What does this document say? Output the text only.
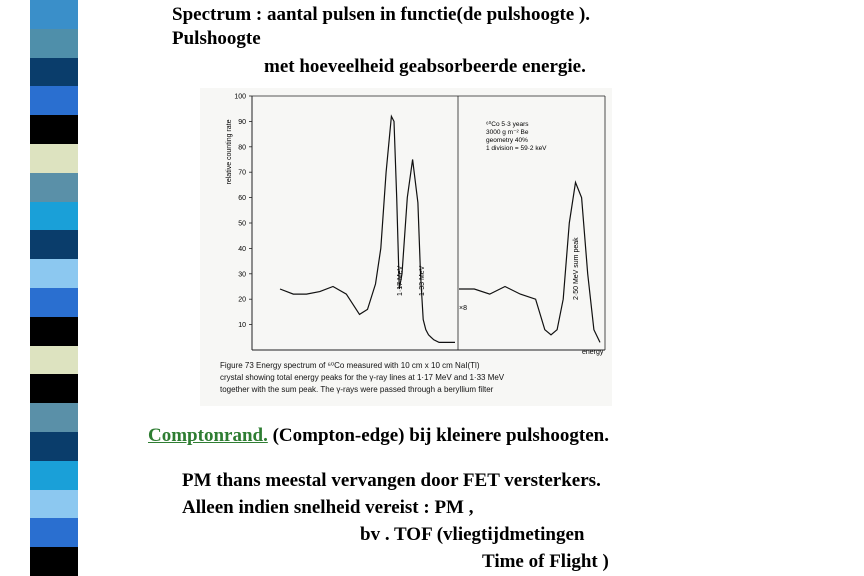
Spectrum : aantal pulsen in functie(de pulshoogte ).
Pulshoogte
met hoeveelheid geabsorbeerde energie.
10
20
30
40
50
60
70
80
90
100
relative counting rate
energy
1·17 MeV 1·33 MeV	2·50 MeV sum peak
×8
⁶⁰Co 5·3 years
3000 g m⁻² Be
geometry 40%
1 division = 59·2 keV
Figure 73 Energy spectrum of ⁶⁰Co measured with 10 cm x 10 cm NaI(Tl)
crystal showing total energy peaks for the γ-ray lines at 1·17 MeV and 1·33 MeV
together with the sum peak. The γ-rays were passed through a beryllium filter
Comptonrand. (Compton-edge) bij kleinere pulshoogten.
PM thans meestal vervangen door FET versterkers.
Alleen indien snelheid vereist : PM ,
bv . TOF (vliegtijdmetingen
Time of Flight )
